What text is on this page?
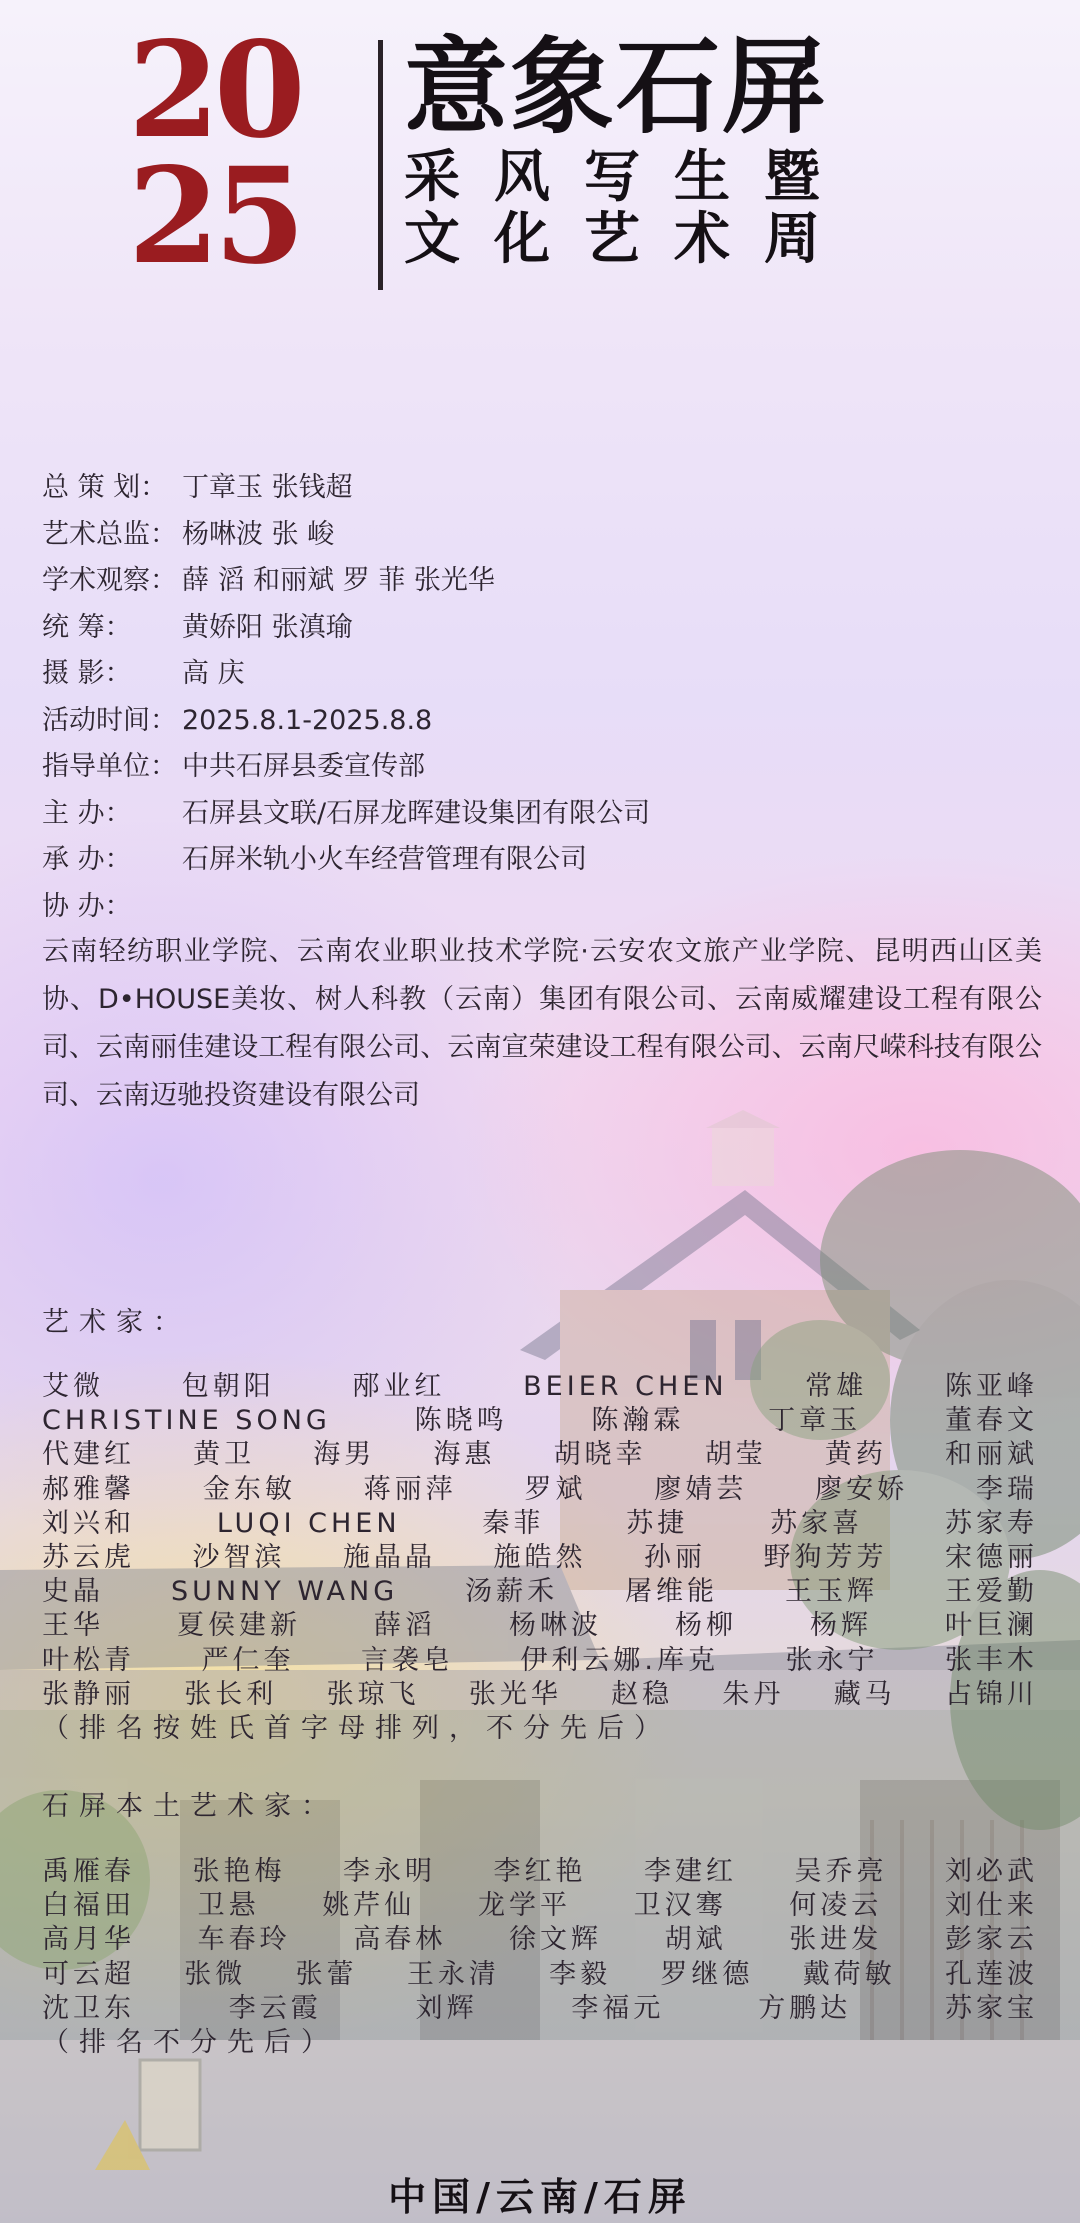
20
25
意象石屏
采风写生暨
文化艺术周
总 策 划： 丁章玉 张钱超
艺术总监： 杨啉波 张 峻
学术观察： 薛 滔 和丽斌 罗 菲 张光华
统 筹： 黄娇阳 张滇瑜
摄 影： 高 庆
活动时间： 2025.8.1-2025.8.8
指导单位： 中共石屏县委宣传部
主 办： 石屏县文联/石屏龙晖建设集团有限公司
承 办： 石屏米轨小火车经营管理有限公司
协 办：
云南轻纺职业学院、云南农业职业技术学院·云安农文旅产业学院、昆明西山区美协、D•HOUSE美妆、树人科教（云南）集团有限公司、云南威耀建设工程有限公司、云南丽佳建设工程有限公司、云南宣荣建设工程有限公司、云南尺嵘科技有限公司、云南迈驰投资建设有限公司
艺术家：
艾微	包朝阳	邴业红	BEIER CHEN	常雄	陈亚峰
CHRISTINE SONG	陈晓鸣	陈瀚霖	丁章玉	董春文
代建红 黄卫 海男 海惠 胡晓幸 胡莹 黄药 和丽斌
郝雅馨	金东敏	蒋丽萍	罗斌	廖婧芸	廖安娇	李瑞
刘兴和	LUQI CHEN	秦菲	苏捷	苏家喜	苏家寿
苏云虎 沙智滨 施晶晶 施皓然 孙丽 野狗芳芳 宋德丽
史晶 SUNNY WANG 汤薪禾 屠维能 王玉辉 王爱勤
王华	夏侯建新	薛滔	杨啉波	杨柳	杨辉	叶巨澜
叶松青 严仁奎 言袭皂 伊利云娜.库克 张永宁 张丰木
张静丽 张长利 张琼飞 张光华 赵稳 朱丹 藏马 占锦川
（排名按姓氏首字母排列，不分先后）
石屏本土艺术家：
禹雁春 张艳梅 李永明 李红艳 李建红 吴乔亮 刘必武
白福田 卫悬 姚芹仙 龙学平 卫汉骞 何凌云 刘仕来
高月华 车春玲 高春林 徐文辉 胡斌 张进发 彭家云
可云超 张微 张蕾 王永清 李毅 罗继德 戴荷敏 孔莲波
沈卫东	李云霞	刘辉	李福元	方鹏达	苏家宝
（排名不分先后）
中国/云南/石屏
